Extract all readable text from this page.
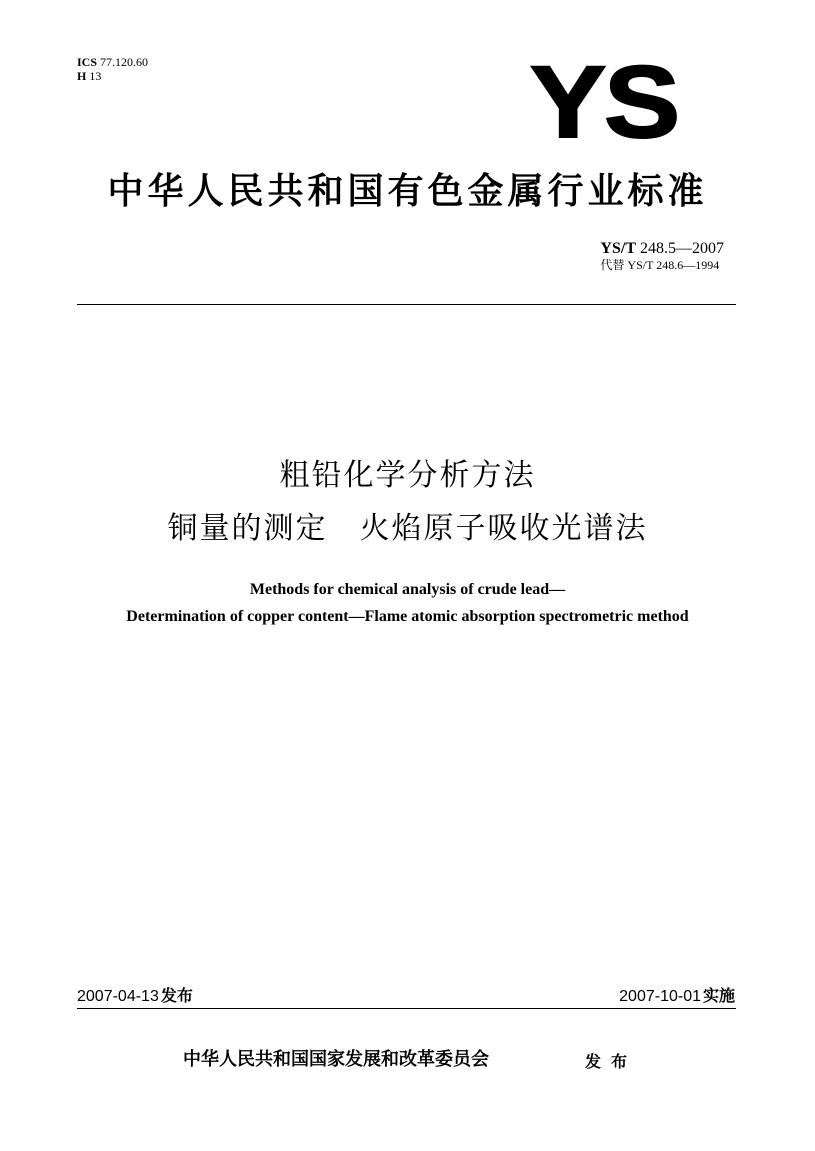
ICS 77.120.60
H 13	YS
中华人民共和国有色金属行业标准
YS/T 248.5—2007
代替 YS/T 248.6—1994
粗铅化学分析方法
铜量的测定 火焰原子吸收光谱法
Methods for chemical analysis of crude lead—
Determination of copper content—Flame atomic absorption spectrometric method
2007-04-13 发布	2007-10-01 实施
中华人民共和国国家发展和改革委员会	发布
